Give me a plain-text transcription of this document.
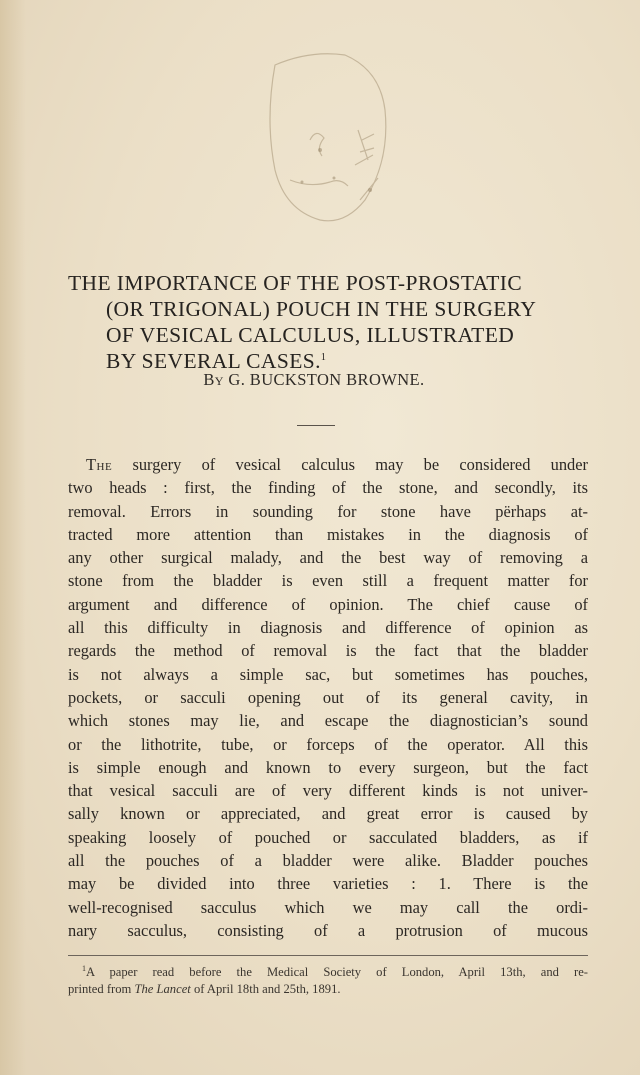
THE IMPORTANCE OF THE POST-PROSTATIC
(OR TRIGONAL) POUCH IN THE SURGERY
OF VESICAL CALCULUS, ILLUSTRATED
BY SEVERAL CASES.$^1$
By G. BUCKSTON BROWNE.
The surgery of vesical calculus may be considered under
two heads : first, the finding of the stone, and secondly, its
removal. Errors in sounding for stone have përhaps at-
tracted more attention than mistakes in the diagnosis of
any other surgical malady, and the best way of removing a
stone from the bladder is even still a frequent matter for
argument and difference of opinion. The chief cause of
all this difficulty in diagnosis and difference of opinion as
regards the method of removal is the fact that the bladder
is not always a simple sac, but sometimes has pouches,
pockets, or sacculi opening out of its general cavity, in
which stones may lie, and escape the diagnostician’s sound
or the lithotrite, tube, or forceps of the operator. All this
is simple enough and known to every surgeon, but the fact
that vesical sacculi are of very different kinds is not univer-
sally known or appreciated, and great error is caused by
speaking loosely of pouched or sacculated bladders, as if
all the pouches of a bladder were alike. Bladder pouches
may be divided into three varieties : 1. There is the
well-recognised sacculus which we may call the ordi-
nary sacculus, consisting of a protrusion of mucous
$^1$A paper read before the Medical Society of London, April 13th, and re-
printed from The Lancet of April 18th and 25th, 1891.
